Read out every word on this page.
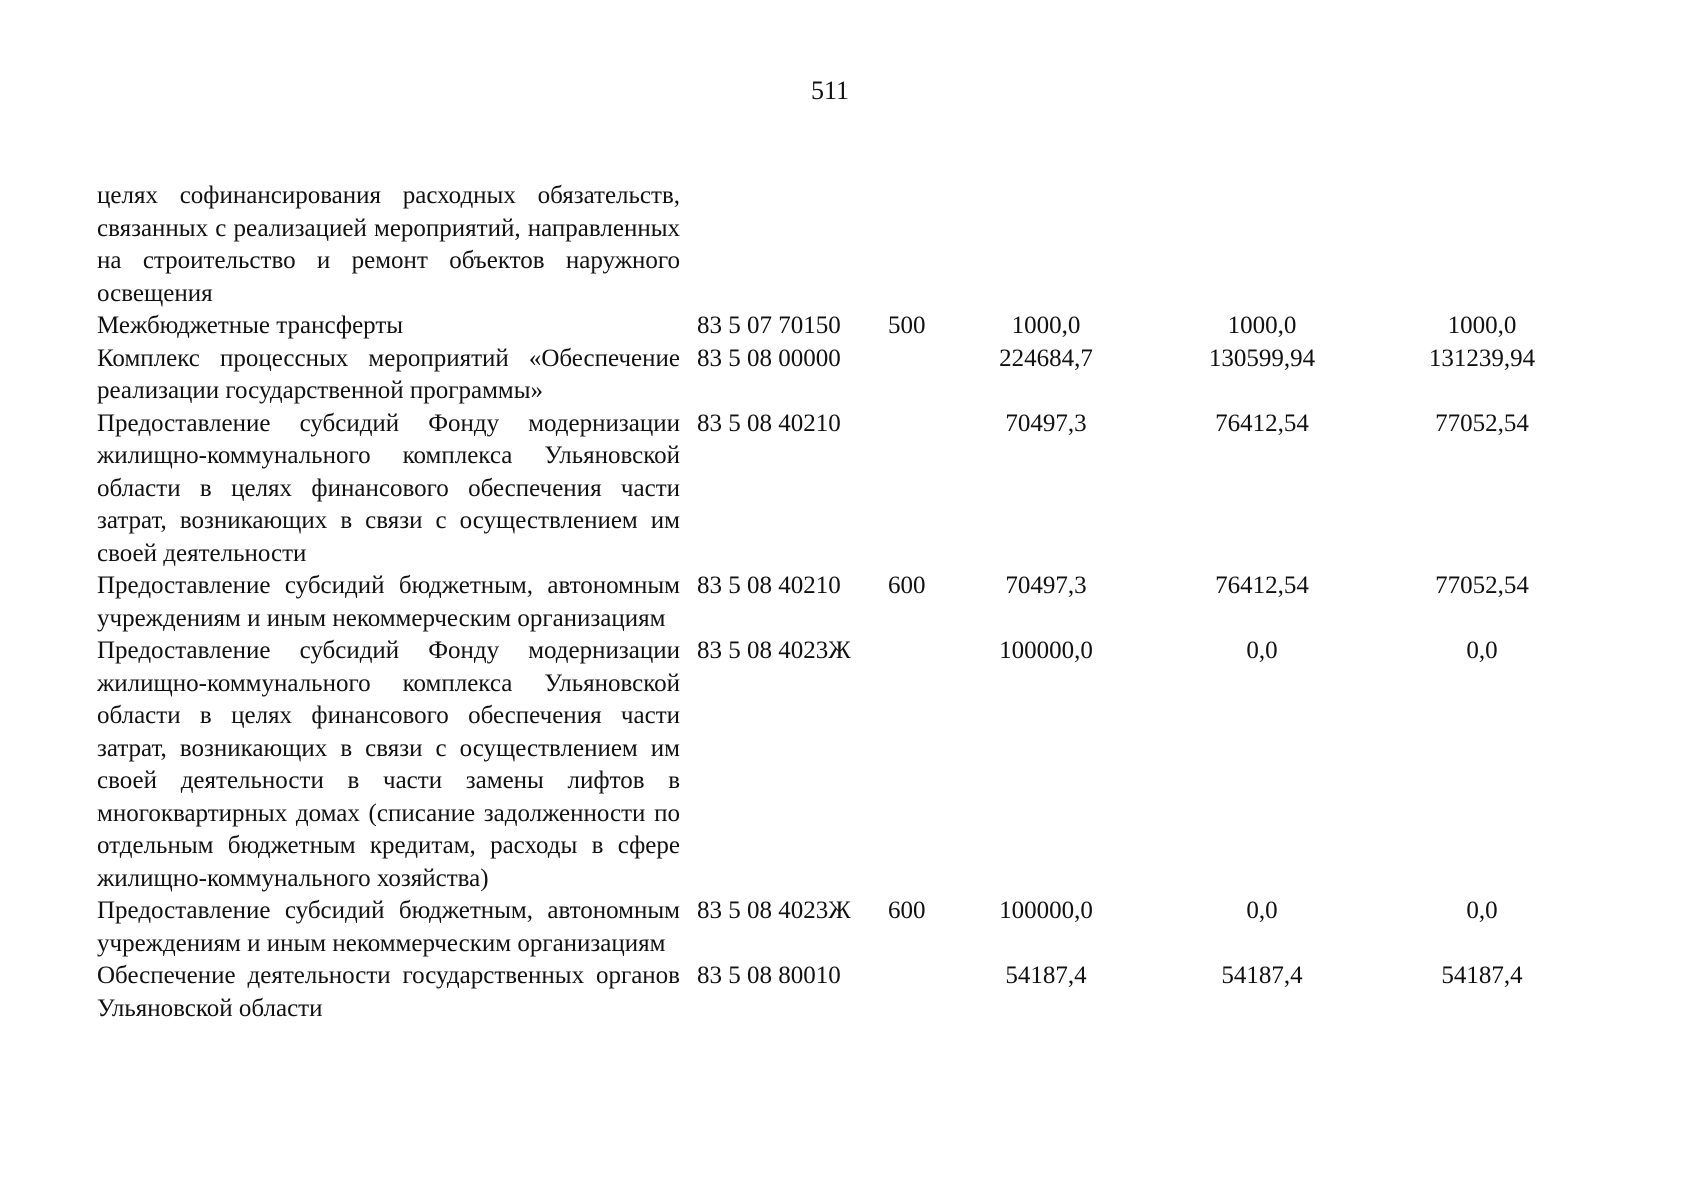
511
целях софинансирования расходных обязательств, связанных с реализацией мероприятий, направленных на строительство и ремонт объектов наружного освещения
Межбюджетные трансферты	83 5 07 70150 500	1000,0	1000,0	1000,0
Комплекс процессных мероприятий «Обеспечение реализации государственной программы»
83 5 08 00000	224684,7	130599,94	131239,94
Предоставление субсидий Фонду модернизации жилищно-коммунального комплекса Ульяновской области в целях финансового обеспечения части затрат, возникающих в связи с осуществлением им своей деятельности
83 5 08 40210	70497,3	76412,54	77052,54
Предоставление субсидий бюджетным, автономным учреждениям и иным некоммерческим организациям
83 5 08 40210 600	70497,3	76412,54	77052,54
Предоставление субсидий Фонду модернизации жилищно-коммунального комплекса Ульяновской области в целях финансового обеспечения части затрат, возникающих в связи с осуществлением им своей деятельности в части замены лифтов в многоквартирных домах (списание задолженности по отдельным бюджетным кредитам, расходы в сфере жилищно-коммунального хозяйства)
83 5 08 4023Ж	100000,0	0,0	0,0
Предоставление субсидий бюджетным, автономным учреждениям и иным некоммерческим организациям
83 5 08 4023Ж 600	100000,0	0,0	0,0
Обеспечение деятельности государственных органов Ульяновской области
83 5 08 80010	54187,4	54187,4	54187,4
